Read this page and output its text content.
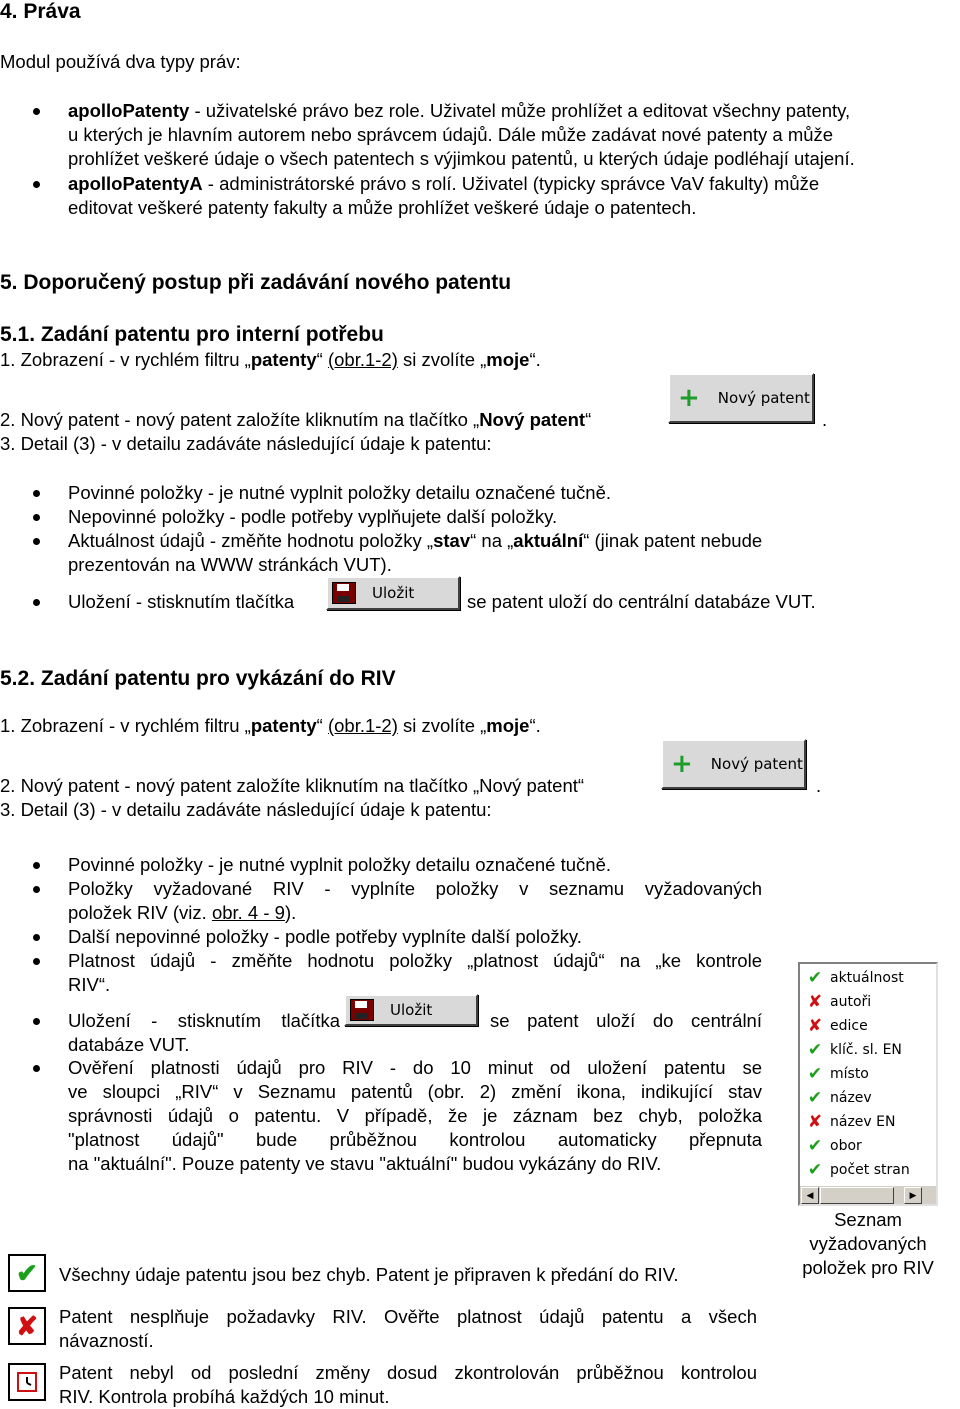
4. Práva
Modul používá dva typy práv:
apolloPatenty - uživatelské právo bez role. Uživatel může prohlížet a editovat všechny patenty,
u kterých je hlavním autorem nebo správcem údajů. Dále může zadávat nové patenty a může
prohlížet veškeré údaje o všech patentech s výjimkou patentů, u kterých údaje podléhají utajení.
apolloPatentyA - administrátorské právo s rolí. Uživatel (typicky správce VaV fakulty) může
editovat veškeré patenty fakulty a může prohlížet veškeré údaje o patentech.
5. Doporučený postup při zadávání nového patentu
5.1. Zadání patentu pro interní potřebu
1. Zobrazení - v rychlém filtru „patenty“ (obr.1-2) si zvolíte „moje“.
+ Nový patent
2. Nový patent - nový patent založíte kliknutím na tlačítko „Nový patent“	.
3. Detail (3) - v detailu zadáváte následující údaje k patentu:
Povinné položky - je nutné vyplnit položky detailu označené tučně.
Nepovinné položky - podle potřeby vyplňujete další položky.
Aktuálnost údajů - změňte hodnotu položky „stav“ na „aktuální“ (jinak patent nebude
prezentován na WWW stránkách VUT).
Uložení - stisknutím tlačítka	Uložit	se patent uloží do centrální databáze VUT.
5.2. Zadání patentu pro vykázání do RIV
1. Zobrazení - v rychlém filtru „patenty“ (obr.1-2) si zvolíte „moje“.
+ Nový patent
2. Nový patent - nový patent založíte kliknutím na tlačítko „Nový patent“	.
3. Detail (3) - v detailu zadáváte následující údaje k patentu:
Povinné položky - je nutné vyplnit položky detailu označené tučně.
Položky vyžadované RIV - vyplníte položky v seznamu vyžadovaných
položek RIV (viz. obr. 4 - 9).
Další nepovinné položky - podle potřeby vyplníte další položky.
Platnost údajů - změňte hodnotu položky „platnost údajů“ na „ke kontrole
RIV“.
Uložení - stisknutím tlačítka	Uložit	se patent uloží do centrální
databáze VUT.
Ověření platnosti údajů pro RIV - do 10 minut od uložení patentu se
ve sloupci „RIV“ v Seznamu patentů (obr. 2) změní ikona, indikující stav
správnosti údajů o patentu. V případě, že je záznam bez chyb, položka
"platnost údajů" bude průběžnou kontrolou automaticky přepnuta
na "aktuální". Pouze patenty ve stavu "aktuální" budou vykázány do RIV.
✔ aktuálnost
✘ autoři
✘ edice
✔ klíč. sl. EN
✔ místo
✔ název
✘ název EN
✔ obor
✔ počet stran
◀	▶
Seznam
vyžadovaných
položek pro RIV
✔	Všechny údaje patentu jsou bez chyb. Patent je připraven k předání do RIV.
✘	Patent nesplňuje požadavky RIV. Ověřte platnost údajů patentu a všech
návazností.
Patent nebyl od poslední změny dosud zkontrolován průběžnou kontrolou
RIV. Kontrola probíhá každých 10 minut.
